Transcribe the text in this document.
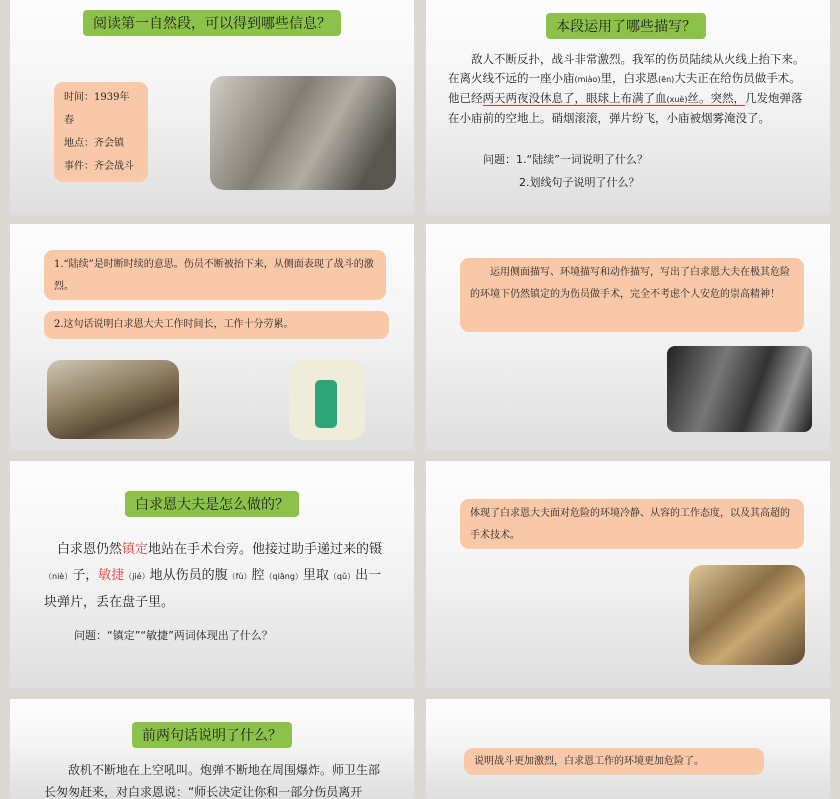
阅读第一自然段，可以得到哪些信息？
时间：1939年春
地点：齐会镇
事件：齐会战斗
本段运用了哪些描写？
敌人不断反扑，战斗非常激烈。我军的伤员陆续从火线上抬下来。在离火线不远的一座小庙(miào)里，白求恩(ēn)大夫正在给伤员做手术。他已经两天两夜没休息了，眼球上布满了血(xuè)丝。突然，几发炮弹落在小庙前的空地上。硝烟滚滚，弹片纷飞，小庙被烟雾淹没了。
问题：1.“陆续”一词说明了什么？
2.划线句子说明了什么？
1.“陆续”是时断时续的意思。伤员不断被抬下来，从侧面表现了战斗的激烈。
2.这句话说明白求恩大夫工作时间长，工作十分劳累。
运用侧面描写、环境描写和动作描写，写出了白求恩大夫在极其危险的环境下仍然镇定的为伤员做手术，完全不考虑个人安危的崇高精神！
白求恩大夫是怎么做的？
白求恩仍然镇定地站在手术台旁。他接过助手递过来的镊（niè）子，敏捷（jié）地从伤员的腹（fù）腔（qiāng）里取（qǔ）出一块弹片，丢在盘子里。
问题：“镇定”“敏捷”两词体现出了什么？
体现了白求恩大夫面对危险的环境冷静、从容的工作态度，以及其高超的手术技术。
前两句话说明了什么？
敌机不断地在上空吼叫。炮弹不断地在周围爆炸。师卫生部长匆匆赶来，对白求恩说：“师长决定让你和一部分伤员离开
说明战斗更加激烈，白求恩工作的环境更加危险了。
